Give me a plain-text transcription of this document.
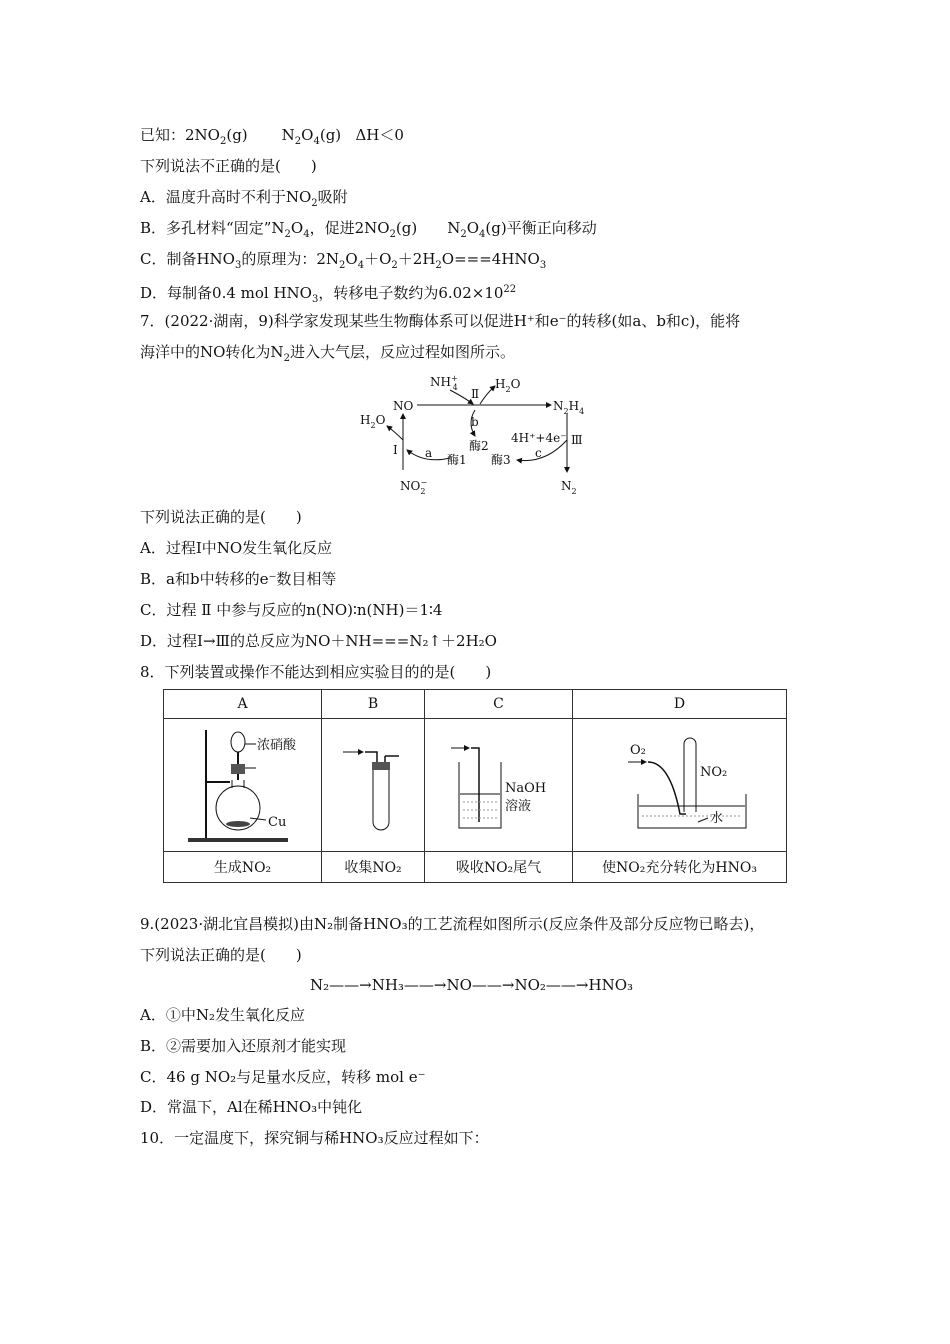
已知：$2NO_2(g)$ $N_2O_4(g)$ ΔH＜0
下列说法不正确的是(　　)
A．温度升高时不利于$NO_2$吸附
B．多孔材料“固定$”N_2O_4$，促进$2NO_2(g)$　　$N_2O_4(g)$平衡正向移动
C．制备$HNO_3$的原理为：$2N_2O_4+O_2+2H_2O===4HNO_3$
D．每制备0.4 mol $HNO_3$，转移电子数约为$6.02\times 10^{22}$
7．(2022·湖南，9)科学家发现某些生物酶体系可以促进H⁺和e⁻的转移(如a、b和c)，能将
海洋中的NO转化为$N_2$进入大气层，反应过程如图所示。
NH+ 4 Ⅱ
$H_2O$
NO	$N_2H_4$
$H_2O$
Ⅰ
$NO_2-$
a 酶1
b
酶2
酶3 c
4H⁺+4e⁻ Ⅲ
$N_2$
下列说法正确的是(　　)
A．过程Ⅰ中NO发生氧化反应
B．a和b中转移的e⁻数目相等
C．过程 Ⅱ 中参与反应的n(NO)∶n(NH)＝1∶4
D．过程Ⅰ→Ⅲ的总反应为NO＋NH===N₂↑＋2H₂O
8．下列装置或操作不能达到相应实验目的的是(　　)
A	B	C	D

浓硝酸
Cu		NaOH
溶液	O₂
NO₂
水

生成NO₂	收集NO₂	吸收NO₂尾气	使NO₂充分转化为HNO₃
9.(2023·湖北宜昌模拟)由N₂制备HNO₃的工艺流程如图所示(反应条件及部分反应物已略去)，
下列说法正确的是(　　)
N₂——→NH₃——→NO——→NO₂——→HNO₃
A．①中N₂发生氧化反应
B．②需要加入还原剂才能实现
C．46 g NO₂与足量水反应，转移 mol e⁻
D．常温下，Al在稀HNO₃中钝化
10．一定温度下，探究铜与稀HNO₃反应过程如下：
